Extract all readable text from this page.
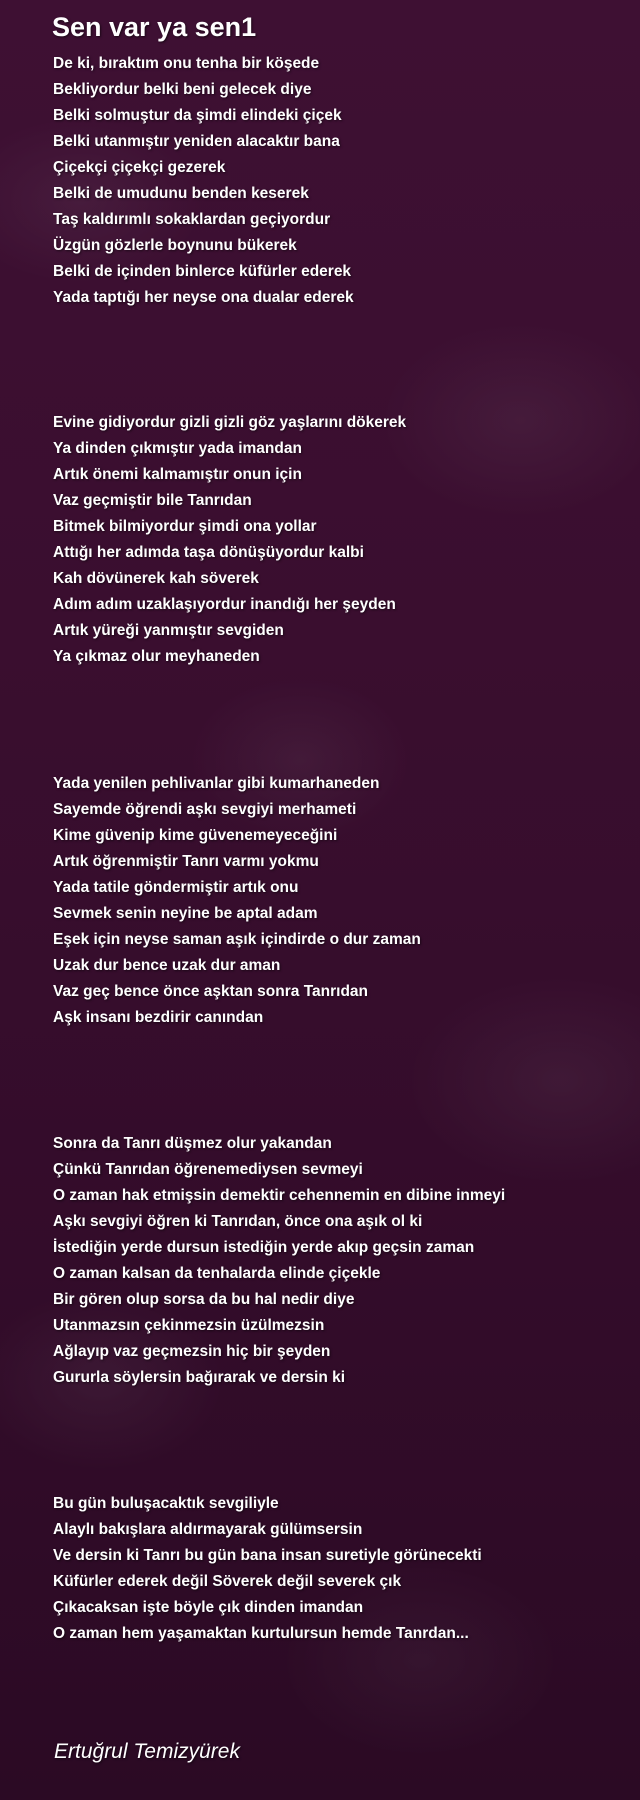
Sen var ya sen1
De ki, bıraktım onu tenha bir köşede
Bekliyordur belki beni gelecek diye
Belki solmuştur da şimdi elindeki çiçek
Belki utanmıştır yeniden alacaktır bana
Çiçekçi çiçekçi gezerek
Belki de umudunu benden keserek
Taş kaldırımlı sokaklardan geçiyordur
Üzgün gözlerle boynunu bükerek
Belki de içinden binlerce küfürler ederek
Yada taptığı her neyse ona dualar ederek
Evine gidiyordur gizli gizli göz yaşlarını dökerek
Ya dinden çıkmıştır yada imandan
Artık önemi kalmamıştır onun için
Vaz geçmiştir bile Tanrıdan
Bitmek bilmiyordur şimdi ona yollar
Attığı her adımda taşa dönüşüyordur kalbi
Kah dövünerek kah söverek
Adım adım uzaklaşıyordur inandığı her şeyden
Artık yüreği yanmıştır sevgiden
Ya çıkmaz olur meyhaneden
Yada yenilen pehlivanlar gibi kumarhaneden
Sayemde öğrendi aşkı sevgiyi merhameti
Kime güvenip kime güvenemeyeceğini
Artık öğrenmiştir Tanrı varmı yokmu
Yada tatile göndermiştir artık onu
Sevmek senin neyine be aptal adam
Eşek için neyse saman aşık içindirde o dur zaman
Uzak dur bence uzak dur aman
Vaz geç bence önce aşktan sonra Tanrıdan
Aşk insanı bezdirir canından
Sonra da Tanrı düşmez olur yakandan
Çünkü Tanrıdan öğrenemediysen sevmeyi
O zaman hak etmişsin demektir cehennemin en dibine inmeyi
Aşkı sevgiyi öğren ki Tanrıdan, önce ona aşık ol ki
İstediğin yerde dursun istediğin yerde akıp geçsin zaman
O zaman kalsan da tenhalarda elinde çiçekle
Bir gören olup sorsa da bu hal nedir diye
Utanmazsın çekinmezsin üzülmezsin
Ağlayıp vaz geçmezsin hiç bir şeyden
Gururla söylersin bağırarak ve dersin ki
Bu gün buluşacaktık sevgiliyle
Alaylı bakışlara aldırmayarak gülümsersin
Ve dersin ki Tanrı bu gün bana insan suretiyle görünecekti
Küfürler ederek değil Söverek değil severek çık
Çıkacaksan işte böyle çık dinden imandan
O zaman hem yaşamaktan kurtulursun hemde Tanrdan...
Ertuğrul Temizyürek
